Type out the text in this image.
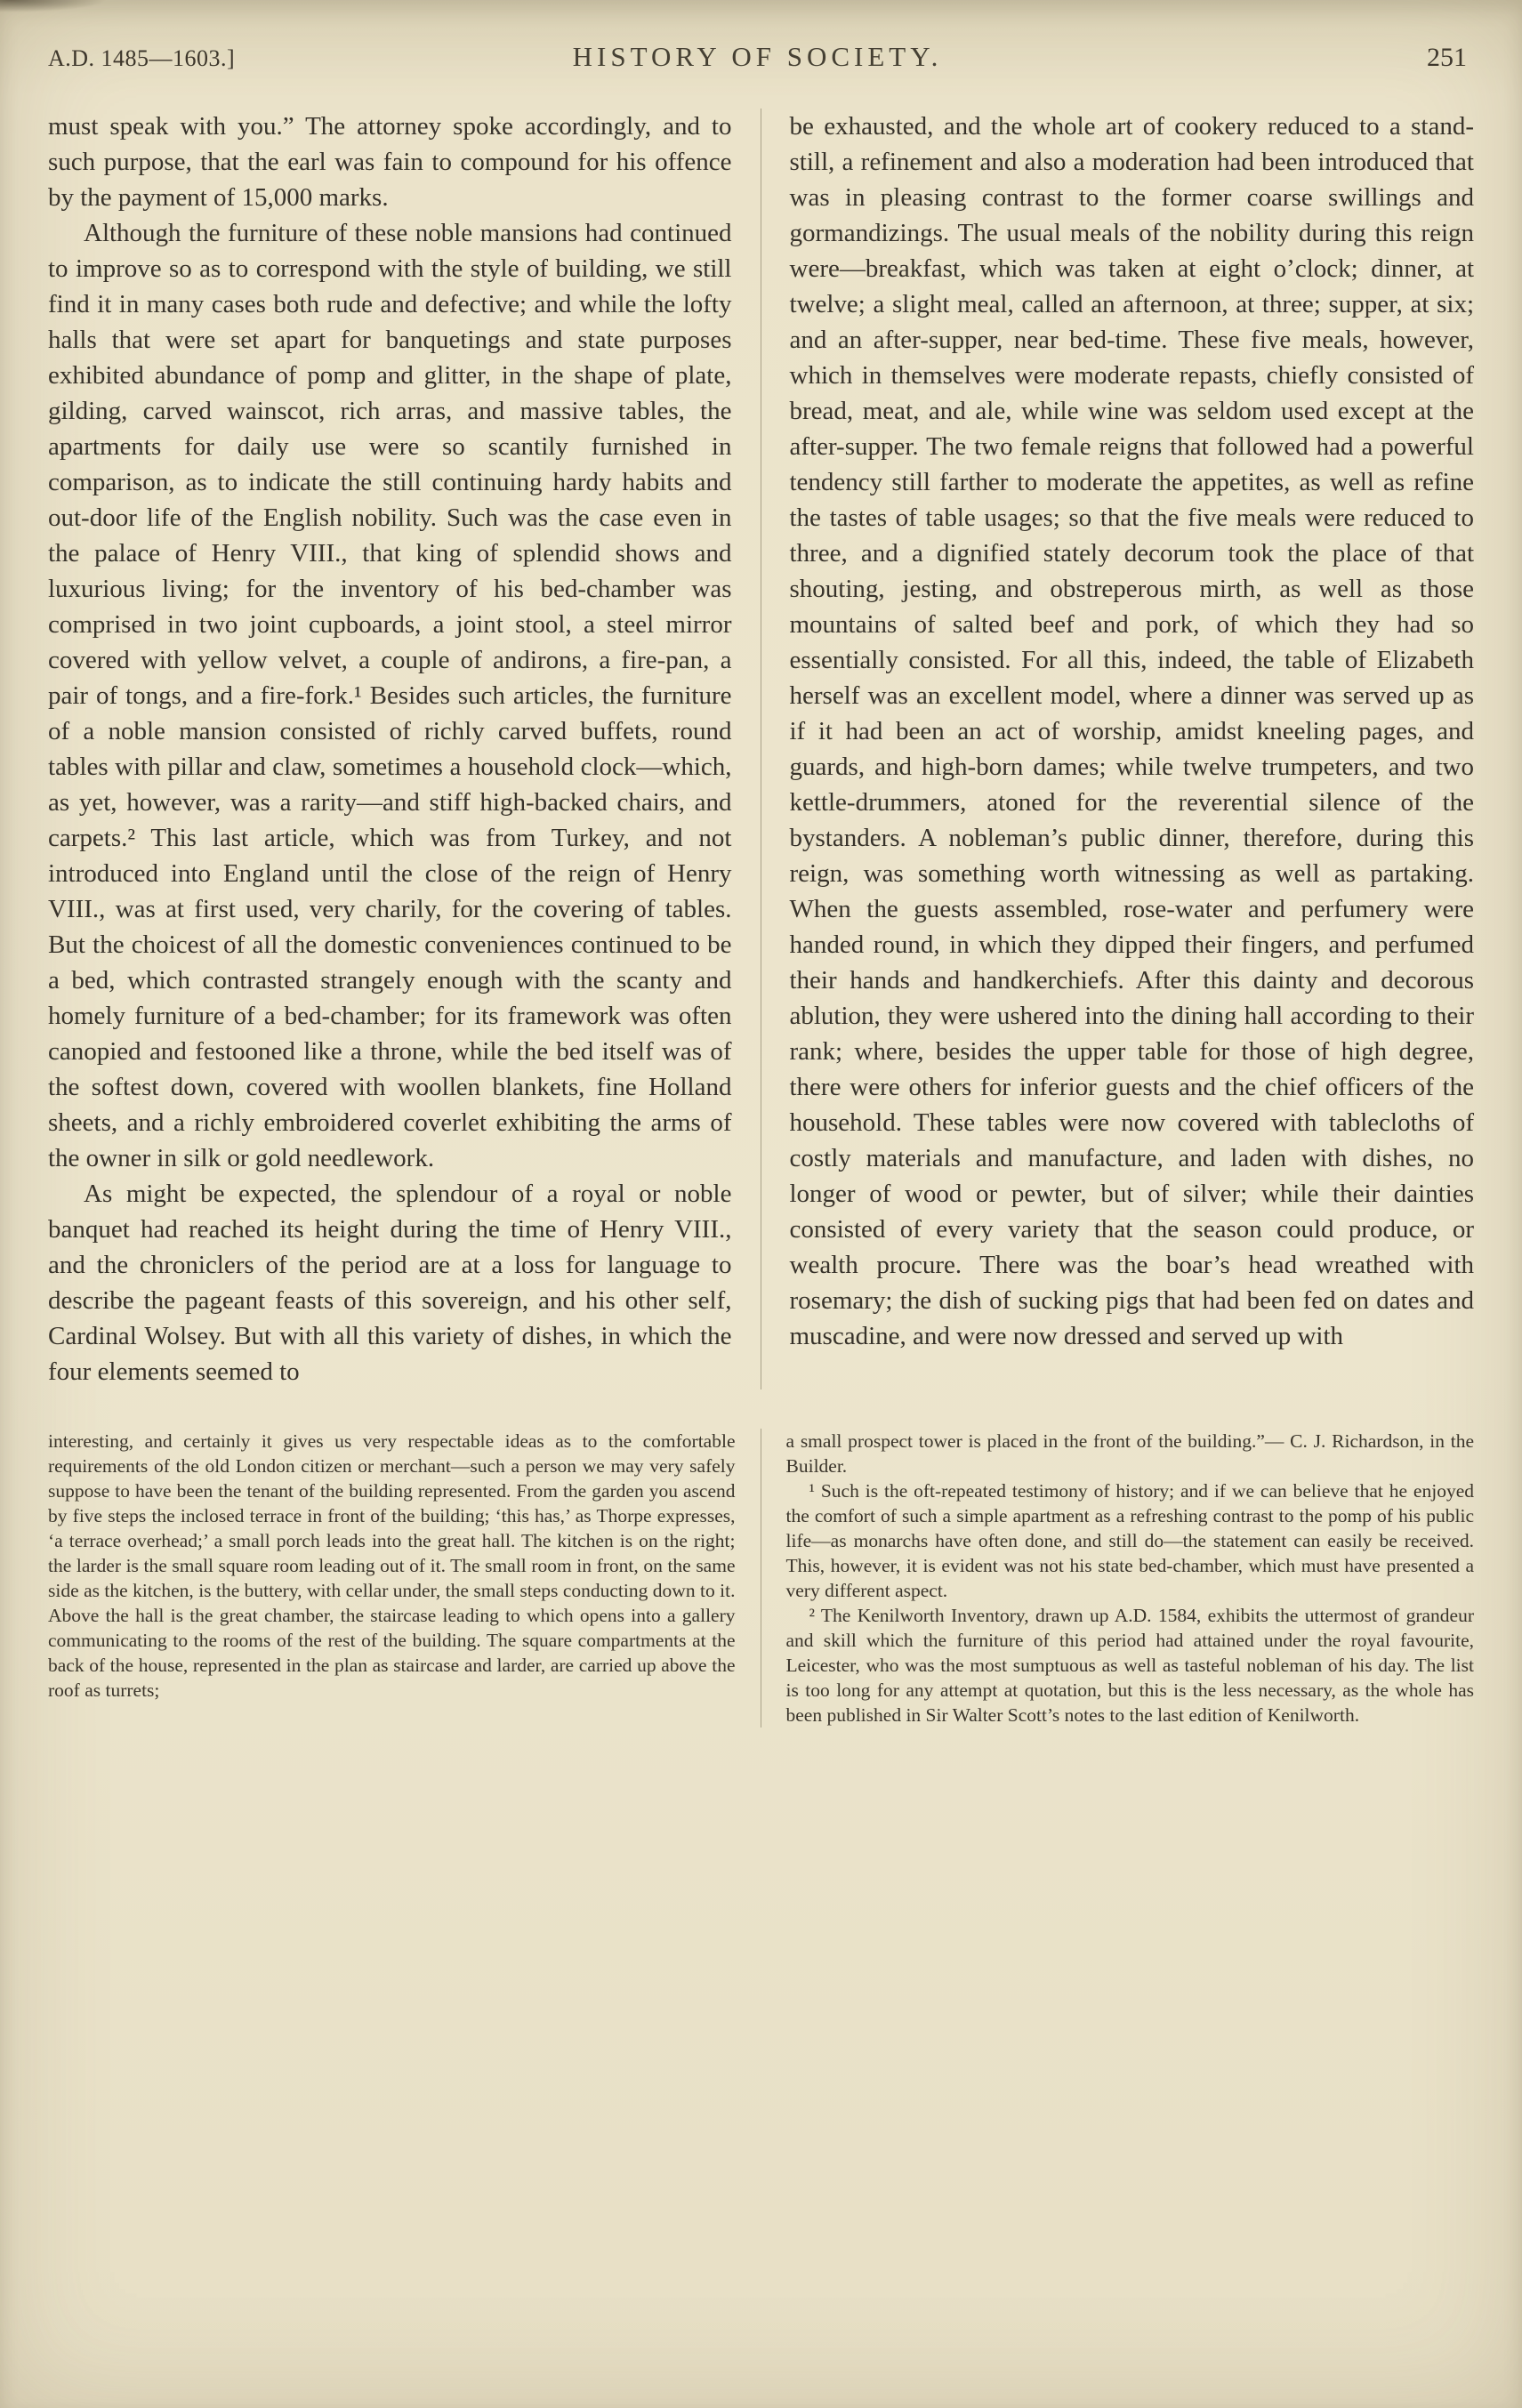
A.D. 1485—1603.]	HISTORY OF SOCIETY.	251

must speak with you.” The attorney spoke accordingly, and to such purpose, that the earl was fain to compound for his offence by the payment of 15,000 marks.

Although the furniture of these noble mansions had continued to improve so as to correspond with the style of building, we still find it in many cases both rude and defective; and while the lofty halls that were set apart for banquetings and state purposes exhibited abundance of pomp and glitter, in the shape of plate, gilding, carved wainscot, rich arras, and massive tables, the apartments for daily use were so scantily furnished in comparison, as to indicate the still continuing hardy habits and out-door life of the English nobility. Such was the case even in the palace of Henry VIII., that king of splendid shows and luxurious living; for the inventory of his bed-chamber was comprised in two joint cupboards, a joint stool, a steel mirror covered with yellow velvet, a couple of andirons, a fire-pan, a pair of tongs, and a fire-fork.¹ Besides such articles, the furniture of a noble mansion consisted of richly carved buffets, round tables with pillar and claw, sometimes a household clock—which, as yet, however, was a rarity—and stiff high-backed chairs, and carpets.² This last article, which was from Turkey, and not introduced into England until the close of the reign of Henry VIII., was at first used, very charily, for the covering of tables. But the choicest of all the domestic conveniences continued to be a bed, which contrasted strangely enough with the scanty and homely furniture of a bed-chamber; for its framework was often canopied and festooned like a throne, while the bed itself was of the softest down, covered with woollen blankets, fine Holland sheets, and a richly embroidered coverlet exhibiting the arms of the owner in silk or gold needlework.

As might be expected, the splendour of a royal or noble banquet had reached its height during the time of Henry VIII., and the chroniclers of the period are at a loss for language to describe the pageant feasts of this sovereign, and his other self, Cardinal Wolsey. But with all this variety of dishes, in which the four elements seemed to

be exhausted, and the whole art of cookery reduced to a stand-still, a refinement and also a moderation had been introduced that was in pleasing contrast to the former coarse swillings and gormandizings. The usual meals of the nobility during this reign were—breakfast, which was taken at eight o’clock; dinner, at twelve; a slight meal, called an afternoon, at three; supper, at six; and an after-supper, near bed-time. These five meals, however, which in themselves were moderate repasts, chiefly consisted of bread, meat, and ale, while wine was seldom used except at the after-supper. The two female reigns that followed had a powerful tendency still farther to moderate the appetites, as well as refine the tastes of table usages; so that the five meals were reduced to three, and a dignified stately decorum took the place of that shouting, jesting, and obstreperous mirth, as well as those mountains of salted beef and pork, of which they had so essentially consisted. For all this, indeed, the table of Elizabeth herself was an excellent model, where a dinner was served up as if it had been an act of worship, amidst kneeling pages, and guards, and high-born dames; while twelve trumpeters, and two kettle-drummers, atoned for the reverential silence of the bystanders. A nobleman’s public dinner, therefore, during this reign, was something worth witnessing as well as partaking. When the guests assembled, rose-water and perfumery were handed round, in which they dipped their fingers, and perfumed their hands and handkerchiefs. After this dainty and decorous ablution, they were ushered into the dining hall according to their rank; where, besides the upper table for those of high degree, there were others for inferior guests and the chief officers of the household. These tables were now covered with tablecloths of costly materials and manufacture, and laden with dishes, no longer of wood or pewter, but of silver; while their dainties consisted of every variety that the season could produce, or wealth procure. There was the boar’s head wreathed with rosemary; the dish of sucking pigs that had been fed on dates and muscadine, and were now dressed and served up with

interesting, and certainly it gives us very respectable ideas as to the comfortable requirements of the old London citizen or merchant—such a person we may very safely suppose to have been the tenant of the building represented. From the garden you ascend by five steps the inclosed terrace in front of the building; ‘this has,’ as Thorpe expresses, ‘a terrace overhead;’ a small porch leads into the great hall. The kitchen is on the right; the larder is the small square room leading out of it. The small room in front, on the same side as the kitchen, is the buttery, with cellar under, the small steps conducting down to it. Above the hall is the great chamber, the staircase leading to which opens into a gallery communicating to the rooms of the rest of the building. The square compartments at the back of the house, represented in the plan as staircase and larder, are carried up above the roof as turrets;

a small prospect tower is placed in the front of the building.”— C. J. Richardson, in the Builder.

¹ Such is the oft-repeated testimony of history; and if we can believe that he enjoyed the comfort of such a simple apartment as a refreshing contrast to the pomp of his public life—as monarchs have often done, and still do—the statement can easily be received. This, however, it is evident was not his state bed-chamber, which must have presented a very different aspect.

² The Kenilworth Inventory, drawn up A.D. 1584, exhibits the uttermost of grandeur and skill which the furniture of this period had attained under the royal favourite, Leicester, who was the most sumptuous as well as tasteful nobleman of his day. The list is too long for any attempt at quotation, but this is the less necessary, as the whole has been published in Sir Walter Scott’s notes to the last edition of Kenilworth.
